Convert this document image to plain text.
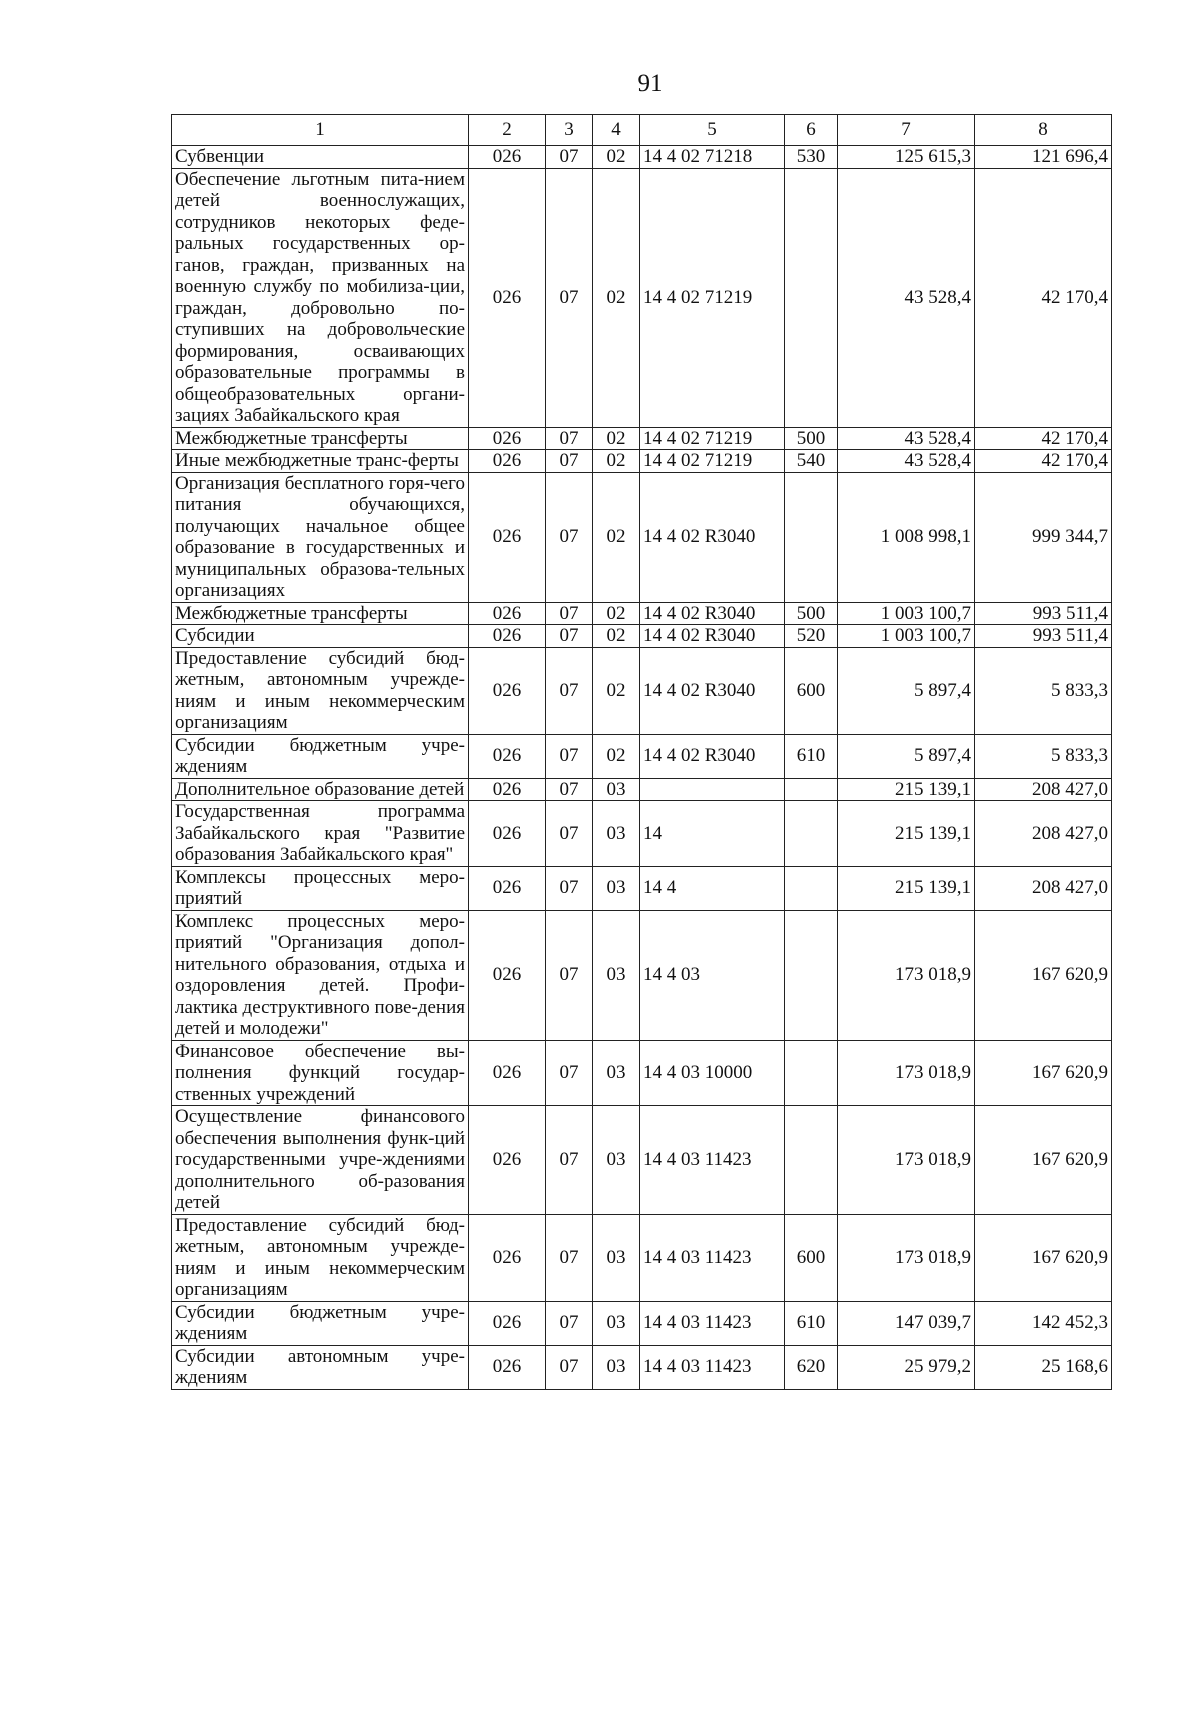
91
1	2	3	4	5	6	7	8
Субвенции	026	07	02	14 4 02 71218	530	125 615,3	121 696,4
Обеспечение льготным пита-нием детей военнослужащих, сотрудников некоторых феде-ральных государственных ор-ганов, граждан, призванных на военную службу по мобилиза-ции, граждан, добровольно по-ступивших на добровольческие формирования, осваивающих образовательные программы в общеобразовательных органи-зациях Забайкальского края	026	07	02	14 4 02 71219		43 528,4	42 170,4
Межбюджетные трансферты	026	07	02	14 4 02 71219	500	43 528,4	42 170,4
Иные межбюджетные транс-ферты	026	07	02	14 4 02 71219	540	43 528,4	42 170,4
Организация бесплатного горя-чего питания обучающихся, получающих начальное общее образование в государственных и муниципальных образова-тельных организациях	026	07	02	14 4 02 R3040		1 008 998,1	999 344,7
Межбюджетные трансферты	026	07	02	14 4 02 R3040	500	1 003 100,7	993 511,4
Субсидии	026	07	02	14 4 02 R3040	520	1 003 100,7	993 511,4
Предоставление субсидий бюд-жетным, автономным учрежде-ниям и иным некоммерческим организациям	026	07	02	14 4 02 R3040	600	5 897,4	5 833,3
Субсидии бюджетным учре-ждениям	026	07	02	14 4 02 R3040	610	5 897,4	5 833,3
Дополнительное образование детей	026	07	03			215 139,1	208 427,0
Государственная программа Забайкальского края "Развитие образования Забайкальского края"	026	07	03	14		215 139,1	208 427,0
Комплексы процессных меро-приятий	026	07	03	14 4		215 139,1	208 427,0
Комплекс процессных меро-приятий "Организация допол-нительного образования, отдыха и оздоровления детей. Профи-лактика деструктивного пове-дения детей и молодежи"	026	07	03	14 4 03		173 018,9	167 620,9
Финансовое обеспечение вы-полнения функций государ-ственных учреждений	026	07	03	14 4 03 10000		173 018,9	167 620,9
Осуществление финансового обеспечения выполнения функ-ций государственными учре-ждениями дополнительного об-разования детей	026	07	03	14 4 03 11423		173 018,9	167 620,9
Предоставление субсидий бюд-жетным, автономным учрежде-ниям и иным некоммерческим организациям	026	07	03	14 4 03 11423	600	173 018,9	167 620,9
Субсидии бюджетным учре-ждениям	026	07	03	14 4 03 11423	610	147 039,7	142 452,3
Субсидии автономным учре-ждениям	026	07	03	14 4 03 11423	620	25 979,2	25 168,6
